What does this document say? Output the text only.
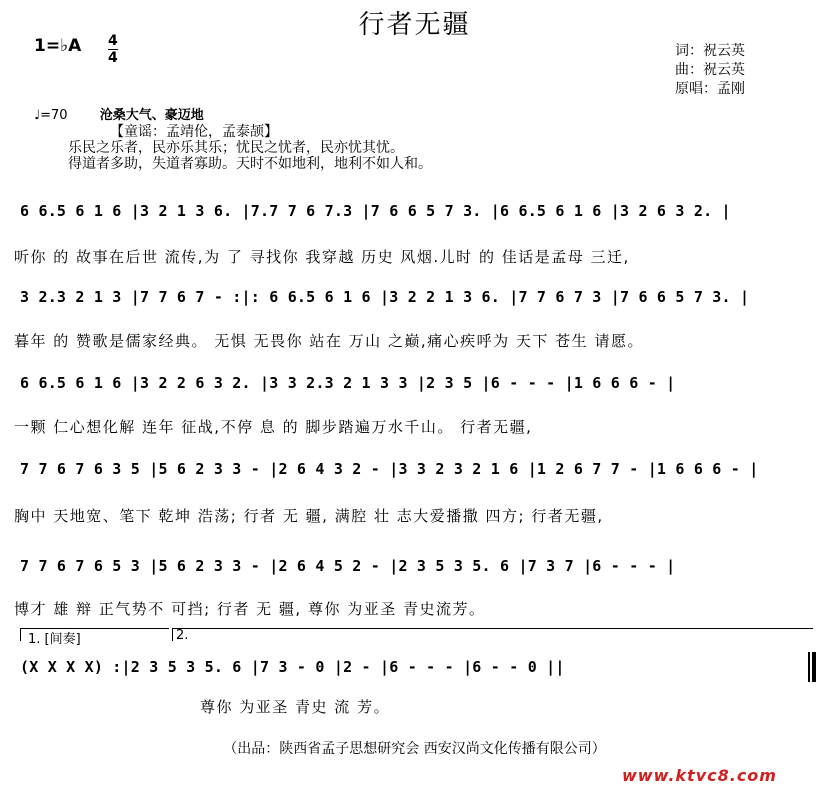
行者无疆
1=♭A 4
4	词：祝云英
曲：祝云英
原唱：孟刚
♩=70 沧桑大气、豪迈地
【童谣：孟靖伦，孟泰颉】
乐民之乐者，民亦乐其乐；忧民之忧者，民亦忧其忧。
得道者多助，失道者寡助。天时不如地利，地利不如人和。
6 6.5 6 1 6 |3 2 1 3 6. |7.7 7 6 7.3 |7 6 6 5 7 3. |6 6.5 6 1 6 |3 2 6 3 2. |
听你 的 故事在后世 流传,为 了 寻找你 我穿越 历史 风烟.儿时 的 佳话是孟母 三迁,
3 2.3 2 1 3 |7 7 6 7 - :|: 6 6.5 6 1 6 |3 2 2 1 3 6. |7 7 6 7 3 |7 6 6 5 7 3. |
暮年 的 赞歌是儒家经典。 无惧 无畏你 站在 万山 之巅,痛心疾呼为 天下 苍生 请愿。
6 6.5 6 1 6 |3 2 2 6 3 2. |3 3 2.3 2 1 3 3 |2 3 5 |6 - - - |1 6 6 6 - |
一颗 仁心想化解 连年 征战,不停 息 的 脚步踏遍万水千山。 行者无疆,
7 7 6 7 6 3 5 |5 6 2 3 3 - |2 6 4 3 2 - |3 3 2 3 2 1 6 |1 2 6 7 7 - |1 6 6 6 - |
胸中 天地宽、笔下 乾坤 浩荡; 行者 无 疆, 满腔 壮 志大爱播撒 四方; 行者无疆,
7 7 6 7 6 5 3 |5 6 2 3 3 - |2 6 4 5 2 - |2 3 5 3 5. 6 |7 3 7 |6 - - - |
博才 雄 辩 正气势不 可挡; 行者 无 疆, 尊你 为亚圣 青史流芳。
1. [间奏]	2.
(X X X X) :|2 3 5 3 5. 6 |7 3 - 0 |2 - |6 - - - |6 - - 0 ||
尊你 为亚圣 青史 流 芳。
（出品：陕西省孟子思想研究会 西安汉尚文化传播有限公司）
www.ktvc8.com
